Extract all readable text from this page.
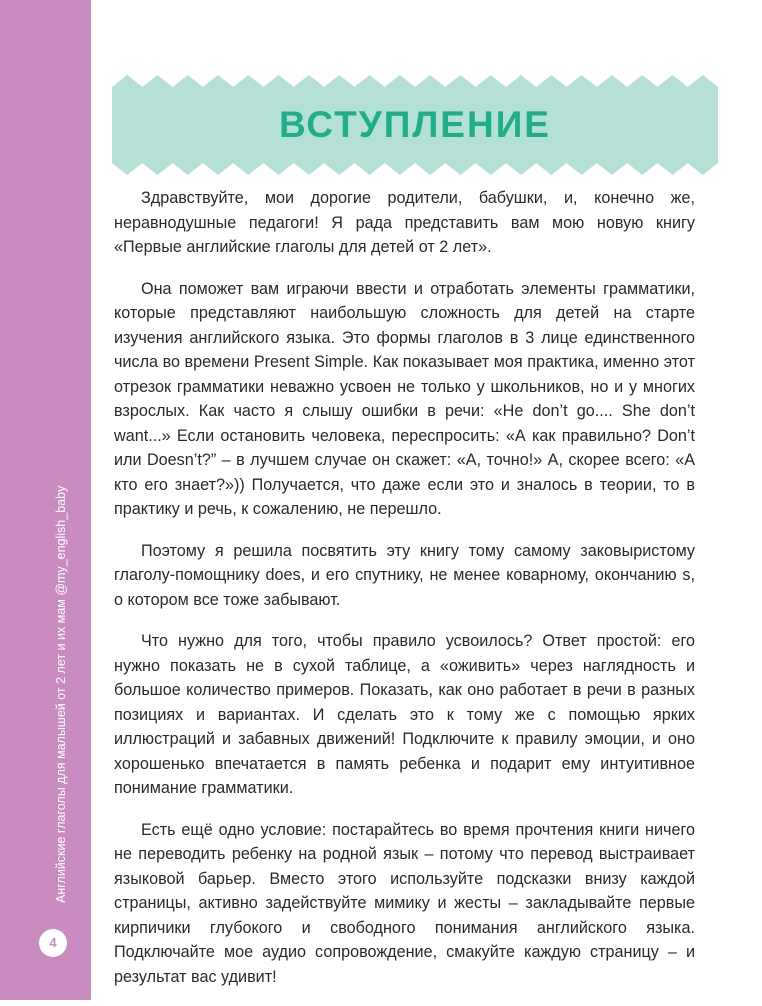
Английские глаголы для малышей от 2 лет и их мам @my_english_baby
4
ВСТУПЛЕНИЕ

Здравствуйте, мои дорогие родители, бабушки, и, конечно же, неравнодушные педагоги! Я рада представить вам мою новую книгу «Первые английские глаголы для детей от 2 лет».

Она поможет вам играючи ввести и отработать элементы грамматики, которые представляют наибольшую сложность для детей на старте изучения английского языка. Это формы глаголов в 3 лице единственного числа во времени Present Simple. Как показывает моя практика, именно этот отрезок грамматики неважно усвоен не только у школьников, но и у многих взрослых. Как часто я слышу ошибки в речи: «He don’t go.... She don’t want...» Если остановить человека, переспросить: «А как правильно? Don’t или Doesn’t?” – в лучшем случае он скажет: «А, точно!» А, скорее всего: «А кто его знает?»)) Получается, что даже если это и зналось в теории, то в практику и речь, к сожалению, не перешло.

Поэтому я решила посвятить эту книгу тому самому заковыристому глаголу-помощнику does, и его спутнику, не менее коварному, окончанию s, о котором все тоже забывают.

Что нужно для того, чтобы правило усвоилось? Ответ простой: его нужно показать не в сухой таблице, а «оживить» через наглядность и большое количество примеров. Показать, как оно работает в речи в разных позициях и вариантах. И сделать это к тому же с помощью ярких иллюстраций и забавных движений! Подключите к правилу эмоции, и оно хорошенько впечатается в память ребенка и подарит ему интуитивное понимание грамматики.

Есть ещё одно условие: постарайтесь во время прочтения книги ничего не переводить ребенку на родной язык – потому что перевод выстраивает языковой барьер. Вместо этого используйте подсказки внизу каждой страницы, активно задействуйте мимику и жесты – закладывайте первые кирпичики глубокого и свободного понимания английского языка. Подключайте мое аудио сопровождение, смакуйте каждую страницу – и результат вас удивит!
